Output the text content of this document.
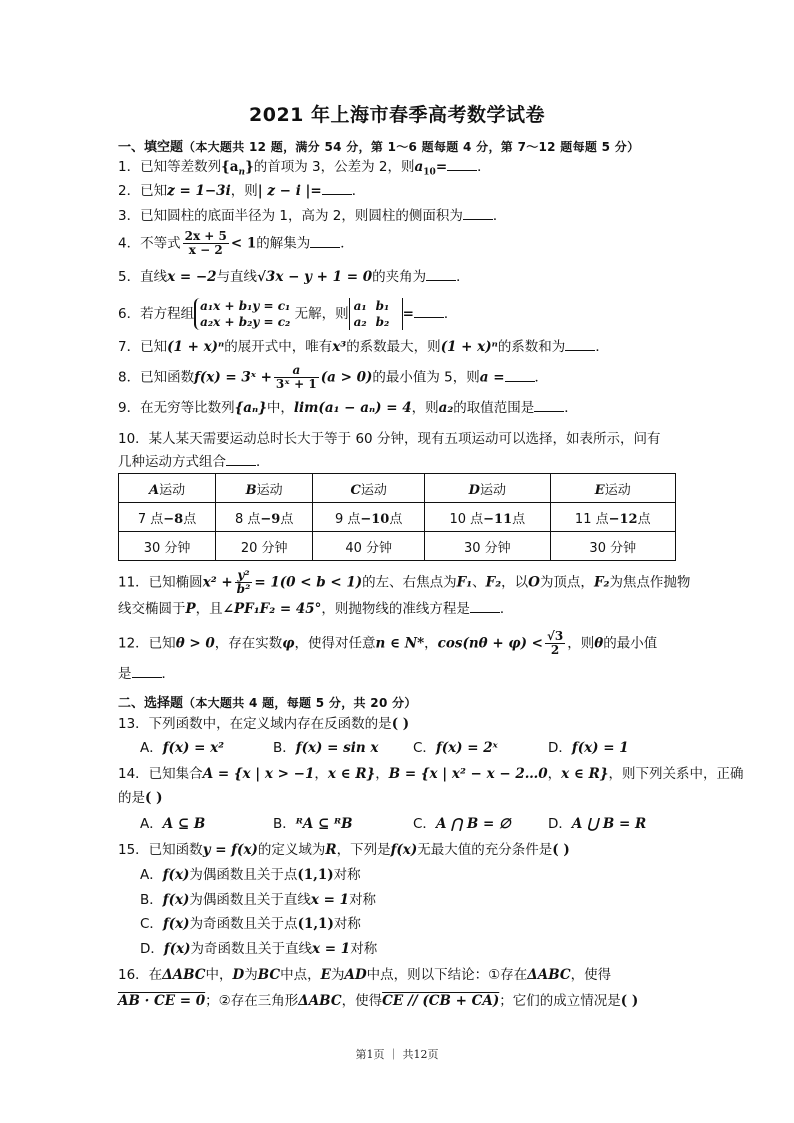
2021 年上海市春季高考数学试卷
一、填空题（本大题共 12 题，满分 54 分，第 1～6 题每题 4 分，第 7～12 题每题 5 分）
1．已知等差数列$\{a_n\}$的首项为 3，公差为 2，则$a_{10}=$ ．
2．已知z = 1−3i，则| z − i |= ．
3．已知圆柱的底面半径为 1，高为 2，则圆柱的侧面积为 ．
4．不等式 $\frac{2x + 5}{x - 2} < 1$的解集为 ．
5．直线x = −2与直线√3x − y + 1 = 0的夹角为 ．
6．若方程组 a₁x + b₁y = c₁
a₂x + b₂y = c₂ 无解，则 a₁ b₁
a₂ b₂ = ．
7．已知(1 + x)ⁿ的展开式中，唯有x³的系数最大，则(1 + x)ⁿ的系数和为 ．
8．已知函数f(x) = 3ˣ + $\frac{a}{\text{3ˣ + 1}} (a > 0)$的最小值为 5，则a = ．
9．在无穷等比数列{aₙ}中，lim(a₁ − aₙ) = 4，则a₂的取值范围是 ．
10．某人某天需要运动总时长大于等于 60 分钟，现有五项运动可以选择，如表所示，问有
几种运动方式组合 ．
A运动	B运动	C运动	D运动	E运动
7 点−8点	8 点−9点	9 点−10点	10 点−11点	11 点−12点
30 分钟	20 分钟	40 分钟	30 分钟	30 分钟
11．已知椭圆$x^2 + \frac{\text{y²}}{\text{b²}} = 1(0 < b < 1)$的左、右焦点为F₁、F₂，以O为顶点，F₂为焦点作抛物
线交椭圆于P，且∠PF₁F₂ = 45°，则抛物线的准线方程是 ．
12．已知θ > 0，存在实数φ，使得对任意n ∈ N*，$\cos(n\theta + \varphi) < \frac{√3}{2}$ ，则θ的最小值
是 ．
二、选择题（本大题共 4 题，每题 5 分，共 20 分）
13．下列函数中，在定义域内存在反函数的是( )
A．f(x) = x²	B．f(x) = sin x	C．f(x) = 2ˣ	D．f(x) = 1
14．已知集合A = {x | x > −1，x ∈ R}，B = {x | x² − x − 2…0，x ∈ R}，则下列关系中，正确
的是( )
A．A ⊆ B	B．ᴿA ⊆ ᴿB	C．A ⋂ B = ∅	D．A ⋃ B = R
15．已知函数y = f(x)的定义域为R，下列是f(x)无最大值的充分条件是( )
A．f(x)为偶函数且关于点(1,1)对称
B．f(x)为偶函数且关于直线x = 1对称
C．f(x)为奇函数且关于点(1,1)对称
D．f(x)为奇函数且关于直线x = 1对称
16．在ΔABC中，D为BC中点，E为AD中点，则以下结论：①存在ΔABC，使得
AB · CE = 0；②存在三角形ΔABC，使得CE // (CB + CA)；它们的成立情况是( )
第1页 ｜ 共12页
